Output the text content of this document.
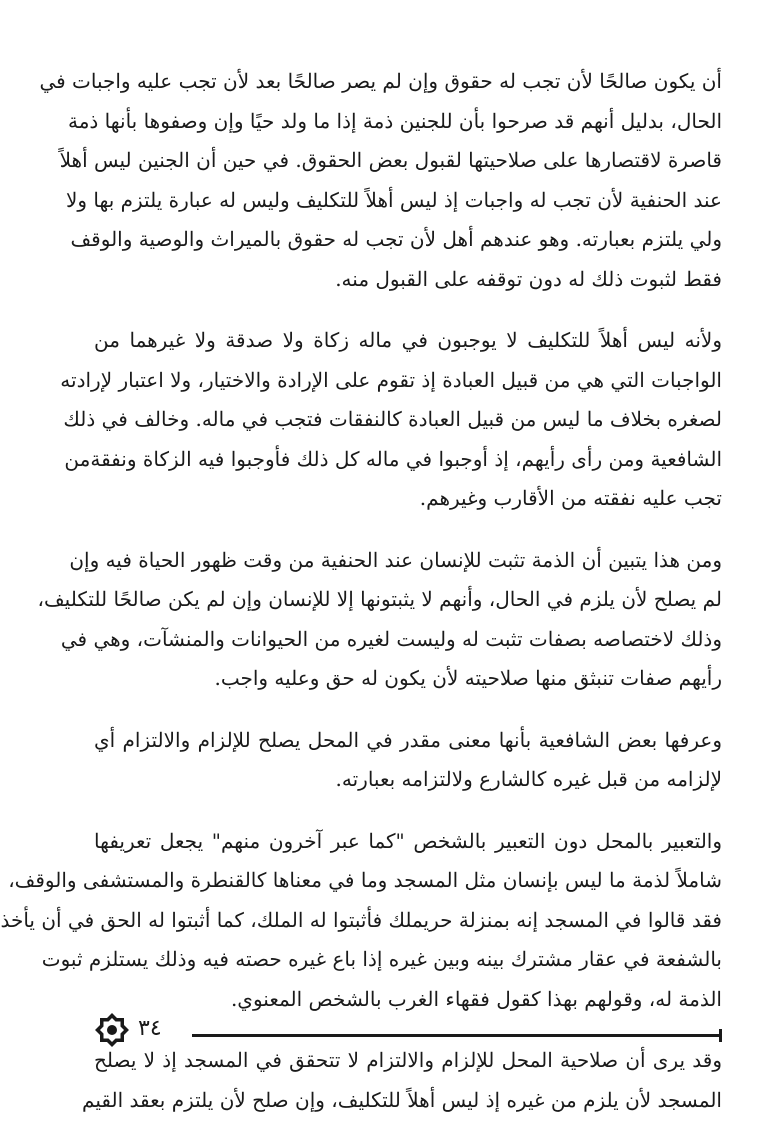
أن يكون صالحًا لأن تجب له حقوق وإن لم يصر صالحًا بعد لأن تجب عليه واجبات في
الحال، بدليل أنهم قد صرحوا بأن للجنين ذمة إذا ما ولد حيًا وإن وصفوها بأنها ذمة
قاصرة لاقتصارها على صلاحيتها لقبول بعض الحقوق. في حين أن الجنين ليس أهلاً
عند الحنفية لأن تجب له واجبات إذ ليس أهلاً للتكليف وليس له عبارة يلتزم بها ولا
ولي يلتزم بعبارته. وهو عندهم أهل لأن تجب له حقوق بالميراث والوصية والوقف
فقط لثبوت ذلك له دون توقفه على القبول منه.
ولأنه ليس أهلاً للتكليف لا يوجبون في ماله زكاة ولا صدقة ولا غيرهما من
الواجبات التي هي من قبيل العبادة إذ تقوم على الإرادة والاختيار، ولا اعتبار لإرادته
لصغره بخلاف ما ليس من قبيل العبادة كالنفقات فتجب في ماله. وخالف في ذلك
الشافعية ومن رأى رأيهم، إذ أوجبوا في ماله كل ذلك فأوجبوا فيه الزكاة ونفقةمن
تجب عليه نفقته من الأقارب وغيرهم.
ومن هذا يتبين أن الذمة تثبت للإنسان عند الحنفية من وقت ظهور الحياة فيه وإن
لم يصلح لأن يلزم في الحال، وأنهم لا يثبتونها إلا للإنسان وإن لم يكن صالحًا للتكليف،
وذلك لاختصاصه بصفات تثبت له وليست لغيره من الحيوانات والمنشآت، وهي في
رأيهم صفات تنبثق منها صلاحيته لأن يكون له حق وعليه واجب.
وعرفها بعض الشافعية بأنها معنى مقدر في المحل يصلح للإلزام والالتزام أي
لإلزامه من قبل غيره كالشارع ولالتزامه بعبارته.
والتعبير بالمحل دون التعبير بالشخص "كما عبر آخرون منهم" يجعل تعريفها
شاملاً لذمة ما ليس بإنسان مثل المسجد وما في معناها كالقنطرة والمستشفى والوقف،
فقد قالوا في المسجد إنه بمنزلة حريملك فأثبتوا له الملك، كما أثبتوا له الحق في أن يأخذ
بالشفعة في عقار مشترك بينه وبين غيره إذا باع غيره حصته فيه وذلك يستلزم ثبوت
الذمة له، وقولهم بهذا كقول فقهاء الغرب بالشخص المعنوي.
وقد يرى أن صلاحية المحل للإلزام والالتزام لا تتحقق في المسجد إذ لا يصلح
المسجد لأن يلزم من غيره إذ ليس أهلاً للتكليف، وإن صلح لأن يلتزم بعقد القيم
٣٤
